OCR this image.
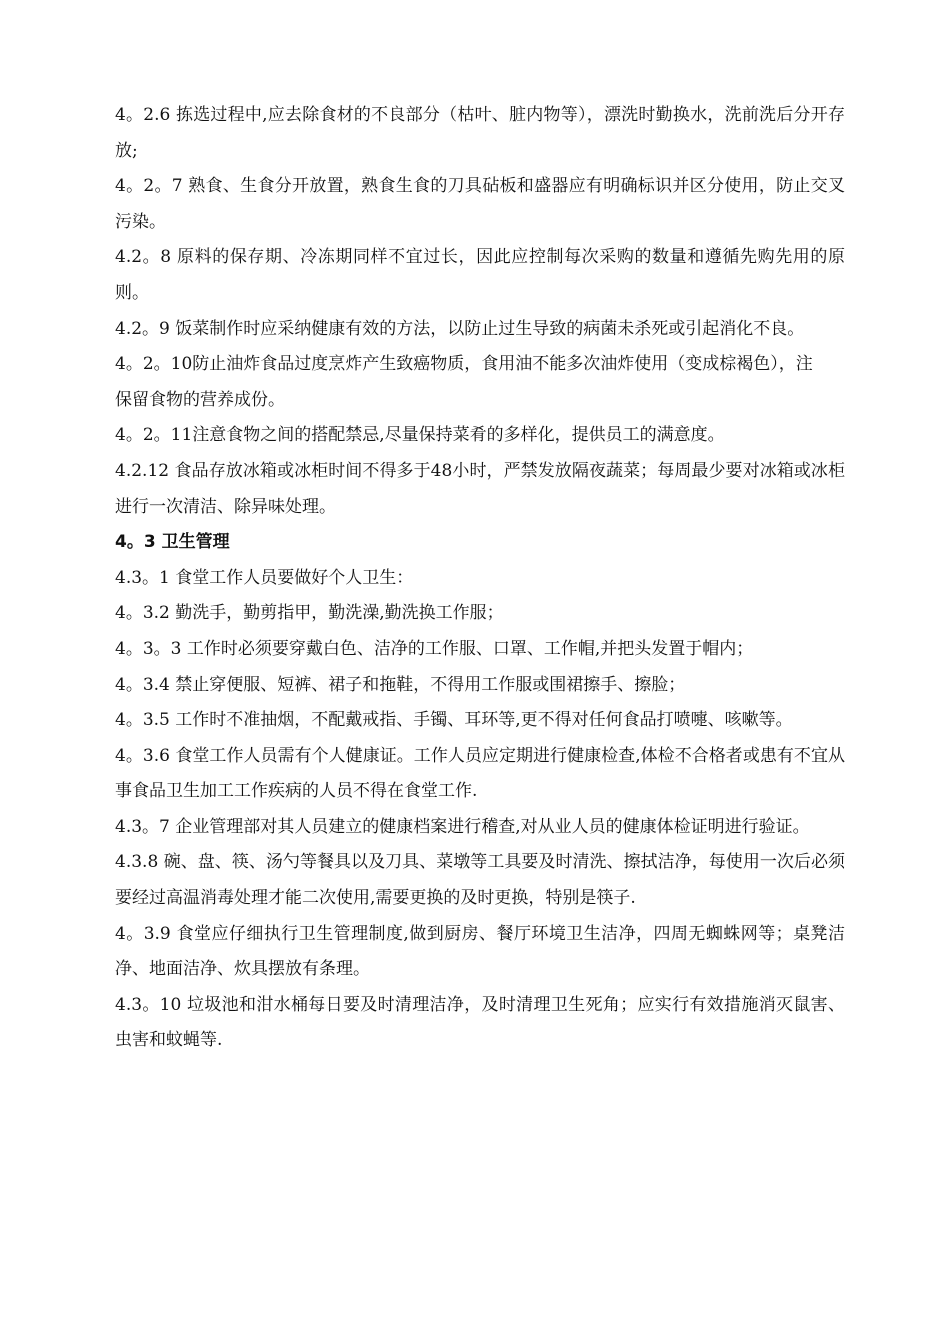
4。2.6 拣选过程中,应去除食材的不良部分（枯叶、脏内物等），漂洗时勤换水，洗前洗后分开存放;

4。2。7 熟食、生食分开放置，熟食生食的刀具砧板和盛器应有明确标识并区分使用，防止交叉污染。

4.2。8 原料的保存期、冷冻期同样不宜过长，因此应控制每次采购的数量和遵循先购先用的原则。

4.2。9 饭菜制作时应采纳健康有效的方法，以防止过生导致的病菌未杀死或引起消化不良。

4。2。10防止油炸食品过度烹炸产生致癌物质，食用油不能多次油炸使用（变成棕褐色），注

保留食物的营养成份。

4。2。11注意食物之间的搭配禁忌,尽量保持菜肴的多样化，提供员工的满意度。

4.2.12 食品存放冰箱或冰柜时间不得多于48小时，严禁发放隔夜蔬菜；每周最少要对冰箱或冰柜进行一次清洁、除异味处理。

4。3 卫生管理

4.3。1 食堂工作人员要做好个人卫生：

4。3.2 勤洗手，勤剪指甲，勤洗澡,勤洗换工作服；

4。3。3 工作时必须要穿戴白色、洁净的工作服、口罩、工作帽,并把头发置于帽内；

4。3.4 禁止穿便服、短裤、裙子和拖鞋，不得用工作服或围裙擦手、擦脸；

4。3.5 工作时不准抽烟，不配戴戒指、手镯、耳环等,更不得对任何食品打喷嚏、咳嗽等。

4。3.6 食堂工作人员需有个人健康证。工作人员应定期进行健康检查,体检不合格者或患有不宜从事食品卫生加工工作疾病的人员不得在食堂工作.

4.3。7 企业管理部对其人员建立的健康档案进行稽查,对从业人员的健康体检证明进行验证。

4.3.8 碗、盘、筷、汤勺等餐具以及刀具、菜墩等工具要及时清洗、擦拭洁净，每使用一次后必须要经过高温消毒处理才能二次使用,需要更换的及时更换，特别是筷子.

4。3.9 食堂应仔细执行卫生管理制度,做到厨房、餐厅环境卫生洁净，四周无蜘蛛网等；桌凳洁净、地面洁净、炊具摆放有条理。

4.3。10 垃圾池和泔水桶每日要及时清理洁净，及时清理卫生死角；应实行有效措施消灭鼠害、虫害和蚊蝇等.
